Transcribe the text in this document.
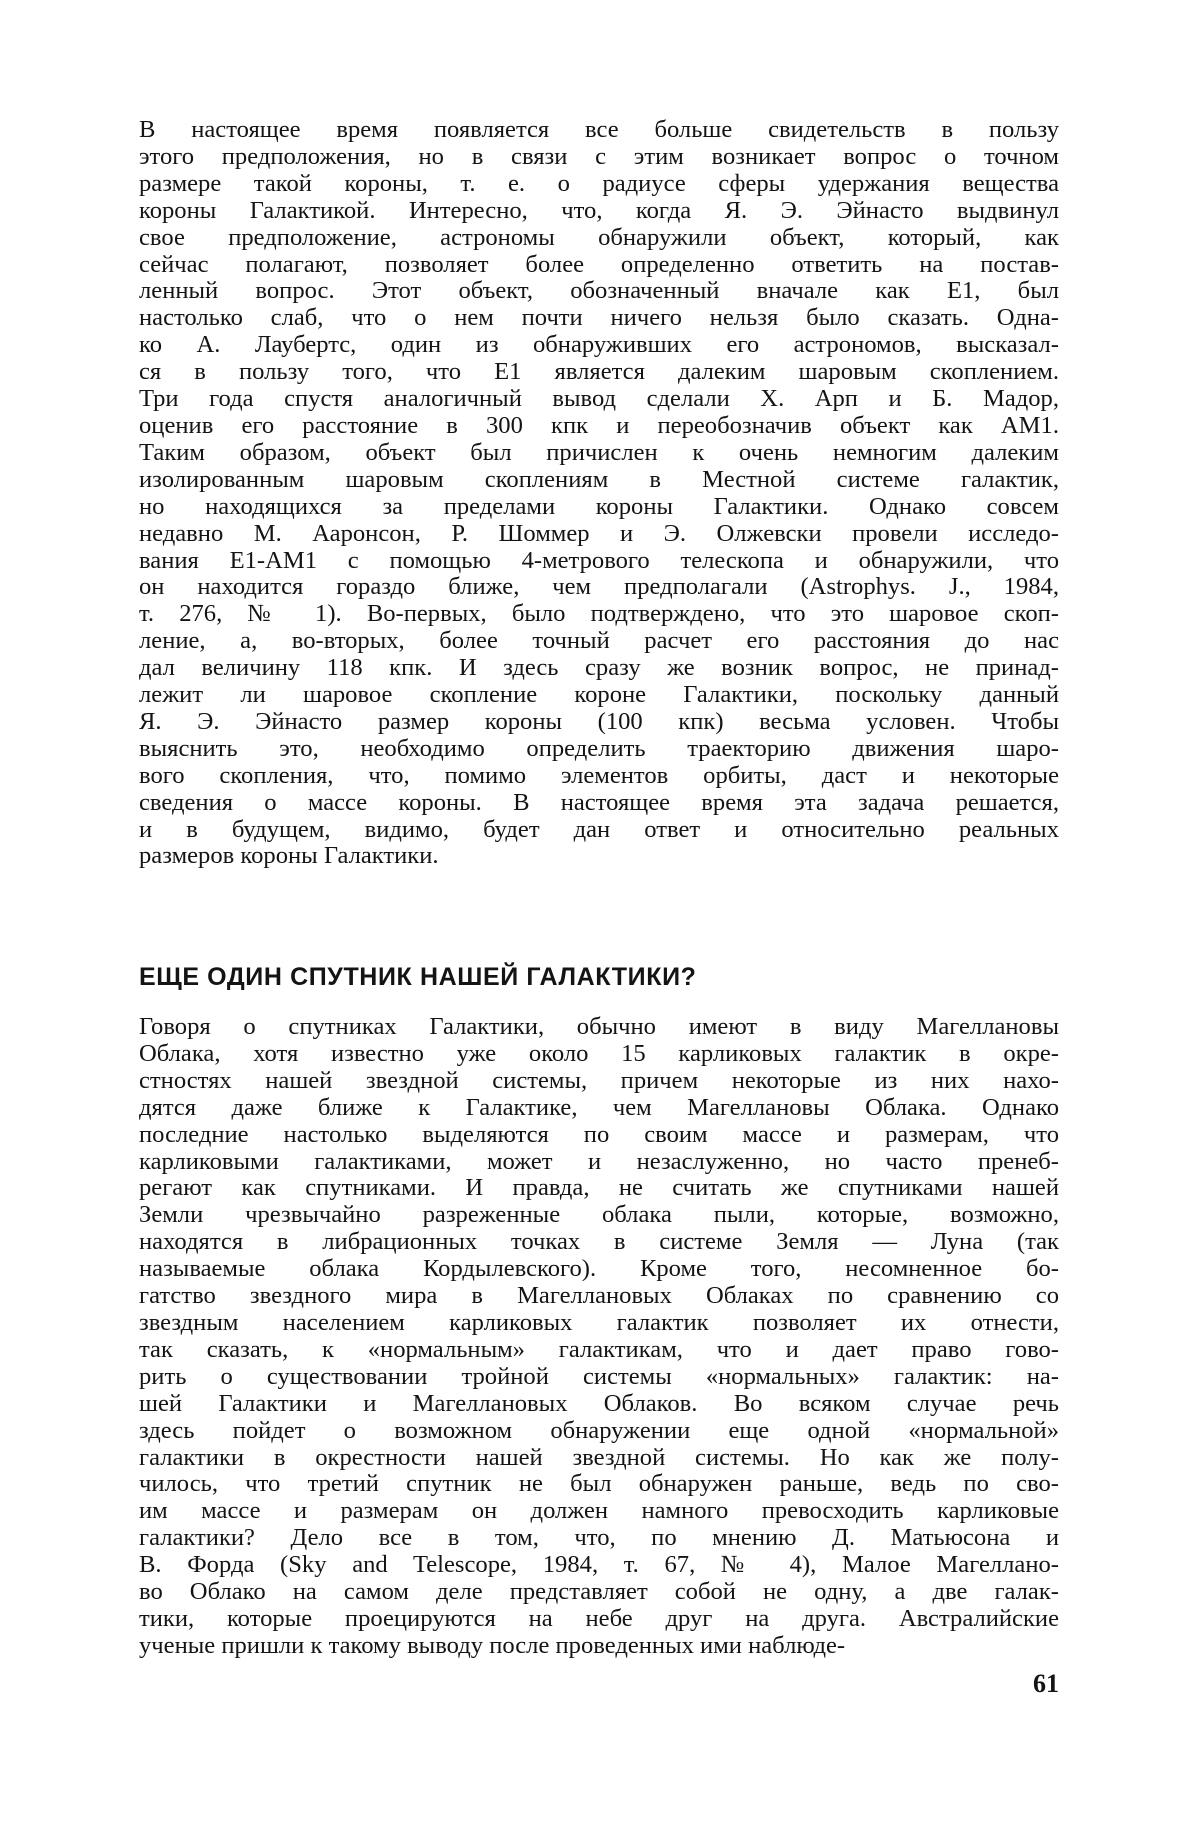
В настоящее время появляется все больше свидетельств в пользу
этого предположения, но в связи с этим возникает вопрос о точном
размере такой короны, т. е. о радиусе сферы удержания вещества
короны Галактикой. Интересно, что, когда Я. Э. Эйнасто выдвинул
свое предположение, астрономы обнаружили объект, который, как
сейчас полагают, позволяет более определенно ответить на постав-
ленный вопрос. Этот объект, обозначенный вначале как E1, был
настолько слаб, что о нем почти ничего нельзя было сказать. Одна-
ко А. Лаубертс, один из обнаруживших его астрономов, высказал-
ся в пользу того, что E1 является далеким шаровым скоплением.
Три года спустя аналогичный вывод сделали Х. Арп и Б. Мадор,
оценив его расстояние в 300 кпк и переобозначив объект как AM1.
Таким образом, объект был причислен к очень немногим далеким
изолированным шаровым скоплениям в Местной системе галактик,
но находящихся за пределами короны Галактики. Однако совсем
недавно М. Ааронсон, Р. Шоммер и Э. Олжевски провели исследо-
вания E1-AM1 с помощью 4-метрового телескопа и обнаружили, что
он находится гораздо ближе, чем предполагали (Astrophys. J., 1984,
т. 276, № 1). Во-первых, было подтверждено, что это шаровое скоп-
ление, а, во-вторых, более точный расчет его расстояния до нас
дал величину 118 кпк. И здесь сразу же возник вопрос, не принад-
лежит ли шаровое скопление короне Галактики, поскольку данный
Я. Э. Эйнасто размер короны (100 кпк) весьма условен. Чтобы
выяснить это, необходимо определить траекторию движения шаро-
вого скопления, что, помимо элементов орбиты, даст и некоторые
сведения о массе короны. В настоящее время эта задача решается,
и в будущем, видимо, будет дан ответ и относительно реальных
размеров короны Галактики.

ЕЩЕ ОДИН СПУТНИК НАШЕЙ ГАЛАКТИКИ?

Говоря о спутниках Галактики, обычно имеют в виду Магеллановы
Облака, хотя известно уже около 15 карликовых галактик в окре-
стностях нашей звездной системы, причем некоторые из них нахо-
дятся даже ближе к Галактике, чем Магеллановы Облака. Однако
последние настолько выделяются по своим массе и размерам, что
карликовыми галактиками, может и незаслуженно, но часто пренеб-
регают как спутниками. И правда, не считать же спутниками нашей
Земли чрезвычайно разреженные облака пыли, которые, возможно,
находятся в либрационных точках в системе Земля — Луна (так
называемые облака Кордылевского). Кроме того, несомненное бо-
гатство звездного мира в Магеллановых Облаках по сравнению со
звездным населением карликовых галактик позволяет их отнести,
так сказать, к «нормальным» галактикам, что и дает право гово-
рить о существовании тройной системы «нормальных» галактик: на-
шей Галактики и Магеллановых Облаков. Во всяком случае речь
здесь пойдет о возможном обнаружении еще одной «нормальной»
галактики в окрестности нашей звездной системы. Но как же полу-
чилось, что третий спутник не был обнаружен раньше, ведь по сво-
им массе и размерам он должен намного превосходить карликовые
галактики? Дело все в том, что, по мнению Д. Матьюсона и
В. Форда (Sky and Telescope, 1984, т. 67, № 4), Малое Магеллано-
во Облако на самом деле представляет собой не одну, а две галак-
тики, которые проецируются на небе друг на друга. Австралийские
ученые пришли к такому выводу после проведенных ими наблюде-

61
